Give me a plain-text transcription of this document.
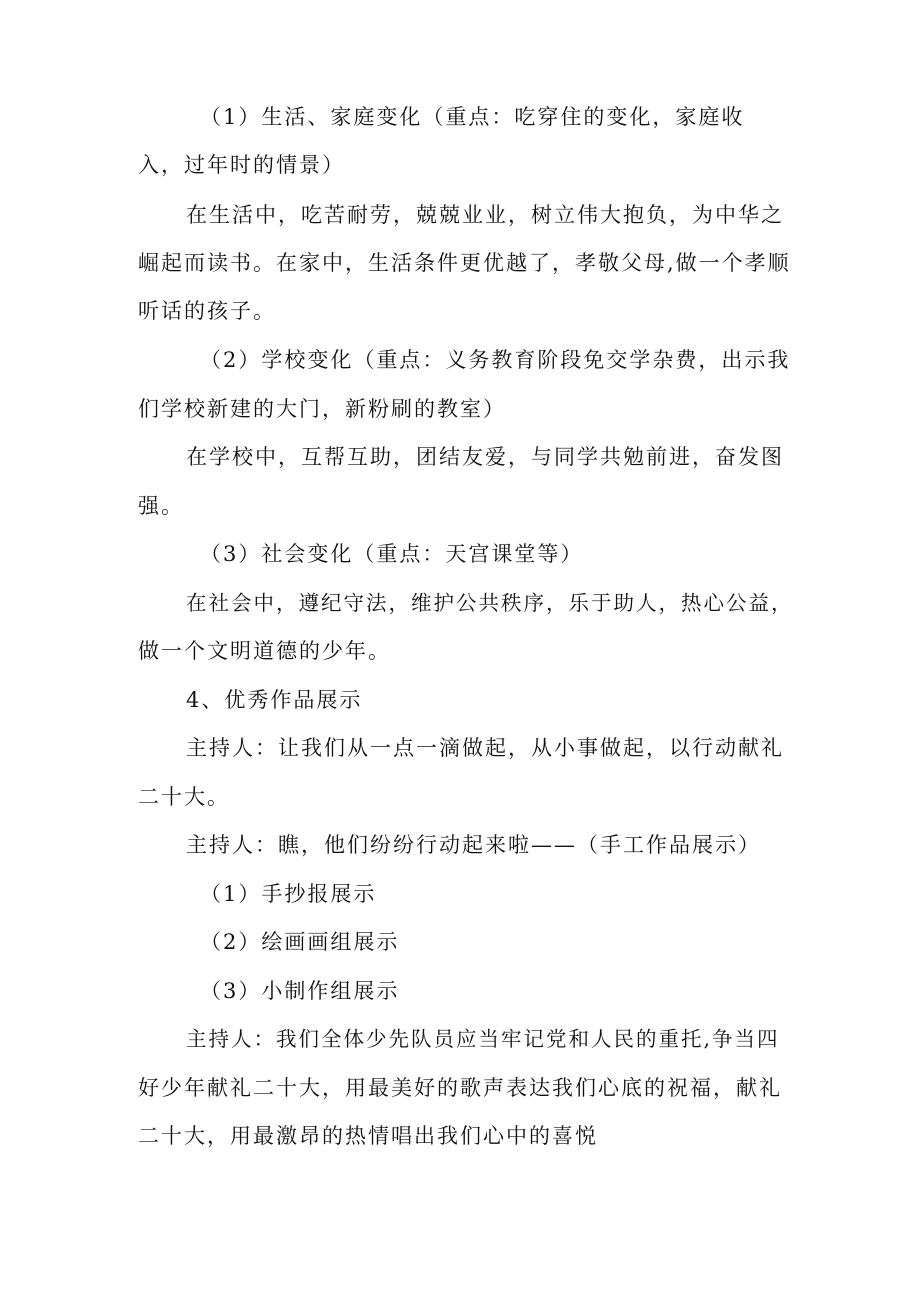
（1）生活、家庭变化（重点：吃穿住的变化，家庭收
入，过年时的情景）
在生活中，吃苦耐劳，兢兢业业，树立伟大抱负，为中华之
崛起而读书。在家中，生活条件更优越了，孝敬父母,做一个孝顺
听话的孩子。
（2）学校变化（重点：义务教育阶段免交学杂费，出示我
们学校新建的大门，新粉刷的教室）
在学校中，互帮互助，团结友爱，与同学共勉前进，奋发图
强。
（3）社会变化（重点：天宫课堂等）
在社会中，遵纪守法，维护公共秩序，乐于助人，热心公益，
做一个文明道德的少年。
4、优秀作品展示
主持人：让我们从一点一滴做起，从小事做起，以行动献礼
二十大。
主持人：瞧，他们纷纷行动起来啦——（手工作品展示）
（1）手抄报展示
（2）绘画画组展示
（3）小制作组展示
主持人：我们全体少先队员应当牢记党和人民的重托,争当四
好少年献礼二十大，用最美好的歌声表达我们心底的祝福，献礼
二十大，用最激昂的热情唱出我们心中的喜悦
